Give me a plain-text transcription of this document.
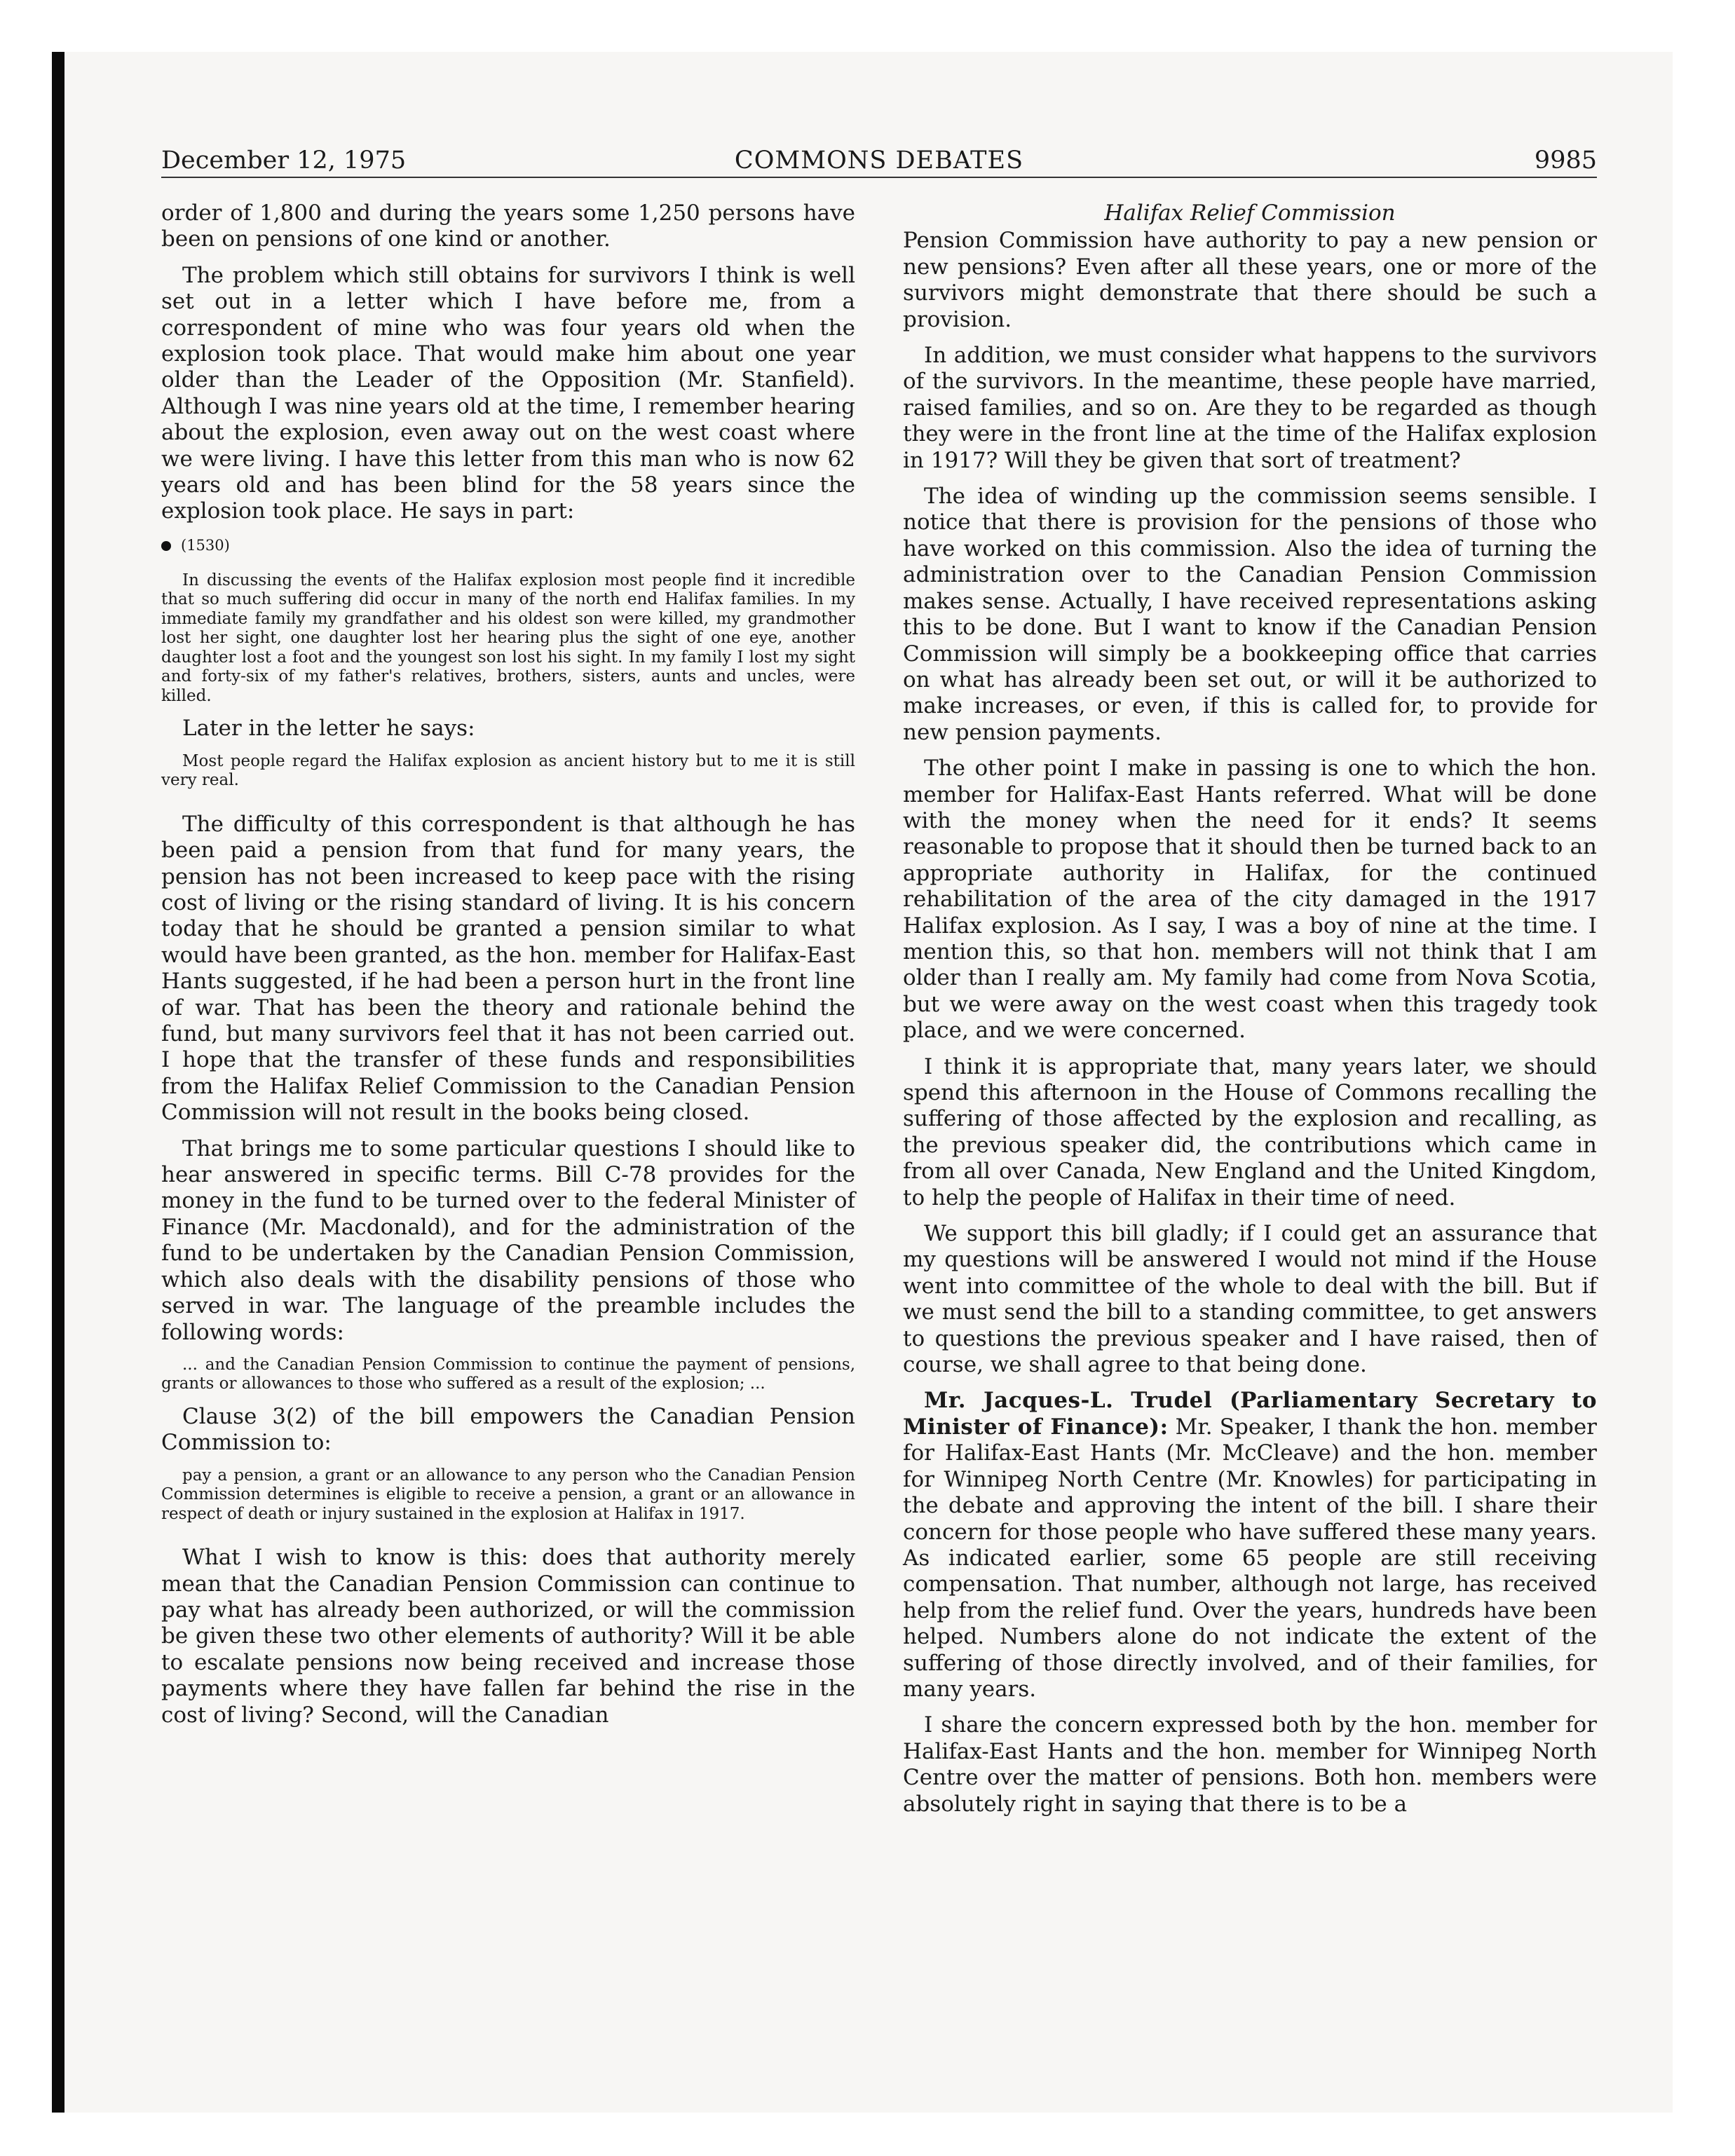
December 12, 1975	COMMONS DEBATES	9985

order of 1,800 and during the years some 1,250 persons have been on pensions of one kind or another.

The problem which still obtains for survivors I think is well set out in a letter which I have before me, from a correspondent of mine who was four years old when the explosion took place. That would make him about one year older than the Leader of the Opposition (Mr. Stanfield). Although I was nine years old at the time, I remember hearing about the explosion, even away out on the west coast where we were living. I have this letter from this man who is now 62 years old and has been blind for the 58 years since the explosion took place. He says in part:

(1530)

In discussing the events of the Halifax explosion most people find it incredible that so much suffering did occur in many of the north end Halifax families. In my immediate family my grandfather and his oldest son were killed, my grandmother lost her sight, one daughter lost her hearing plus the sight of one eye, another daughter lost a foot and the youngest son lost his sight. In my family I lost my sight and forty-six of my father's relatives, brothers, sisters, aunts and uncles, were killed.

Later in the letter he says:

Most people regard the Halifax explosion as ancient history but to me it is still very real.

The difficulty of this correspondent is that although he has been paid a pension from that fund for many years, the pension has not been increased to keep pace with the rising cost of living or the rising standard of living. It is his concern today that he should be granted a pension similar to what would have been granted, as the hon. member for Halifax-East Hants suggested, if he had been a person hurt in the front line of war. That has been the theory and rationale behind the fund, but many survivors feel that it has not been carried out. I hope that the transfer of these funds and responsibilities from the Halifax Relief Commission to the Canadian Pension Commission will not result in the books being closed.

That brings me to some particular questions I should like to hear answered in specific terms. Bill C-78 provides for the money in the fund to be turned over to the federal Minister of Finance (Mr. Macdonald), and for the administration of the fund to be undertaken by the Canadian Pension Commission, which also deals with the disability pensions of those who served in war. The language of the preamble includes the following words:

... and the Canadian Pension Commission to continue the payment of pensions, grants or allowances to those who suffered as a result of the explosion; ...

Clause 3(2) of the bill empowers the Canadian Pension Commission to:

pay a pension, a grant or an allowance to any person who the Canadian Pension Commission determines is eligible to receive a pension, a grant or an allowance in respect of death or injury sustained in the explosion at Halifax in 1917.

What I wish to know is this: does that authority merely mean that the Canadian Pension Commission can continue to pay what has already been authorized, or will the commission be given these two other elements of authority? Will it be able to escalate pensions now being received and increase those payments where they have fallen far behind the rise in the cost of living? Second, will the Canadian

Halifax Relief Commission

Pension Commission have authority to pay a new pension or new pensions? Even after all these years, one or more of the survivors might demonstrate that there should be such a provision.

In addition, we must consider what happens to the survivors of the survivors. In the meantime, these people have married, raised families, and so on. Are they to be regarded as though they were in the front line at the time of the Halifax explosion in 1917? Will they be given that sort of treatment?

The idea of winding up the commission seems sensible. I notice that there is provision for the pensions of those who have worked on this commission. Also the idea of turning the administration over to the Canadian Pension Commission makes sense. Actually, I have received representations asking this to be done. But I want to know if the Canadian Pension Commission will simply be a bookkeeping office that carries on what has already been set out, or will it be authorized to make increases, or even, if this is called for, to provide for new pension payments.

The other point I make in passing is one to which the hon. member for Halifax-East Hants referred. What will be done with the money when the need for it ends? It seems reasonable to propose that it should then be turned back to an appropriate authority in Halifax, for the continued rehabilitation of the area of the city damaged in the 1917 Halifax explosion. As I say, I was a boy of nine at the time. I mention this, so that hon. members will not think that I am older than I really am. My family had come from Nova Scotia, but we were away on the west coast when this tragedy took place, and we were concerned.

I think it is appropriate that, many years later, we should spend this afternoon in the House of Commons recalling the suffering of those affected by the explosion and recalling, as the previous speaker did, the contributions which came in from all over Canada, New England and the United Kingdom, to help the people of Halifax in their time of need.

We support this bill gladly; if I could get an assurance that my questions will be answered I would not mind if the House went into committee of the whole to deal with the bill. But if we must send the bill to a standing committee, to get answers to questions the previous speaker and I have raised, then of course, we shall agree to that being done.

Mr. Jacques-L. Trudel (Parliamentary Secretary to Minister of Finance): Mr. Speaker, I thank the hon. member for Halifax-East Hants (Mr. McCleave) and the hon. member for Winnipeg North Centre (Mr. Knowles) for participating in the debate and approving the intent of the bill. I share their concern for those people who have suffered these many years. As indicated earlier, some 65 people are still receiving compensation. That number, although not large, has received help from the relief fund. Over the years, hundreds have been helped. Numbers alone do not indicate the extent of the suffering of those directly involved, and of their families, for many years.

I share the concern expressed both by the hon. member for Halifax-East Hants and the hon. member for Winnipeg North Centre over the matter of pensions. Both hon. members were absolutely right in saying that there is to be a
